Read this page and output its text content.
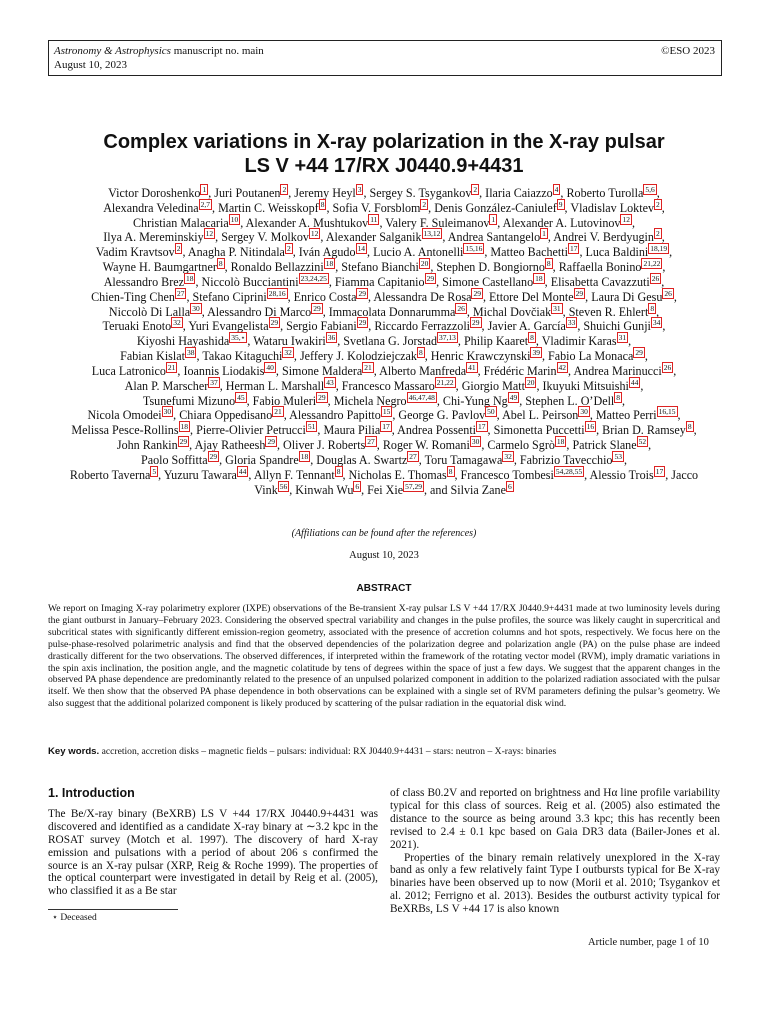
Astronomy & Astrophysics manuscript no. main
August 10, 2023
©ESO 2023
Complex variations in X-ray polarization in the X-ray pulsar
LS V +44 17/RX J0440.9+4431
Victor Doroshenko $^1$ , Juri Poutanen $^2$ , Jeremy Heyl $^3$ , Sergey S. Tsygankov $^2$ , Ilaria Caiazzo $^4$ , Roberto Turolla $^{5,6}$ ,
Alexandra Veledina $^{2,7}$ , Martin C. Weisskopf $^8$ , Sofia V. Forsblom $^2$ , Denis González-Caniulef $^9$ , Vladislav Loktev $^2$ ,
Christian Malacaria $^{10}$ , Alexander A. Mushtukov $^{11}$ , Valery F. Suleimanov $^1$ , Alexander A. Lutovinov $^{12}$ ,
Ilya A. Mereminskiy $^{12}$ , Sergey V. Molkov $^{12}$ , Alexander Salganik $^{13,12}$ , Andrea Santangelo $^1$ , Andrei V. Berdyugin $^2$ ,
Vadim Kravtsov $^2$ , Anagha P. Nitindala $^2$ , Iván Agudo $^{14}$ , Lucio A. Antonelli $^{15,16}$ , Matteo Bachetti $^{17}$ , Luca Baldini $^{18,19}$ ,
Wayne H. Baumgartner $^8$ , Ronaldo Bellazzini $^{18}$ , Stefano Bianchi $^{20}$ , Stephen D. Bongiorno $^8$ , Raffaella Bonino $^{21,22}$ ,
Alessandro Brez $^{18}$ , Niccolò Bucciantini $^{23,24,25}$ , Fiamma Capitanio $^{29}$ , Simone Castellano $^{18}$ , Elisabetta Cavazzuti $^{26}$ ,
Chien-Ting Chen $^{27}$ , Stefano Ciprini $^{28,16}$ , Enrico Costa $^{29}$ , Alessandra De Rosa $^{29}$ , Ettore Del Monte $^{29}$ , Laura Di Gesu $^{26}$ ,
Niccolò Di Lalla $^{30}$ , Alessandro Di Marco $^{29}$ , Immacolata Donnarumma $^{26}$ , Michal Dovčiak $^{31}$ , Steven R. Ehlert $^8$ ,
Teruaki Enoto $^{32}$ , Yuri Evangelista $^{29}$ , Sergio Fabiani $^{29}$ , Riccardo Ferrazzoli $^{29}$ , Javier A. García $^{33}$ , Shuichi Gunji $^{34}$ ,
Kiyoshi Hayashida $^{35,⋆}$ , Wataru Iwakiri $^{36}$ , Svetlana G. Jorstad $^{37,13}$ , Philip Kaaret $^8$ , Vladimir Karas $^{31}$ ,
Fabian Kislat $^{38}$ , Takao Kitaguchi $^{32}$ , Jeffery J. Kolodziejczak $^8$ , Henric Krawczynski $^{39}$ , Fabio La Monaca $^{29}$ ,
Luca Latronico $^{21}$ , Ioannis Liodakis $^{40}$ , Simone Maldera $^{21}$ , Alberto Manfreda $^{41}$ , Frédéric Marin $^{42}$ , Andrea Marinucci $^{26}$ ,
Alan P. Marscher $^{37}$ , Herman L. Marshall $^{43}$ , Francesco Massaro $^{21,22}$ , Giorgio Matt $^{20}$ , Ikuyuki Mitsuishi $^{44}$ ,
Tsunefumi Mizuno $^{45}$ , Fabio Muleri $^{29}$ , Michela Negro $^{46,47,48}$ , Chi-Yung Ng $^{49}$ , Stephen L. O’Dell $^8$ ,
Nicola Omodei $^{30}$ , Chiara Oppedisano $^{21}$ , Alessandro Papitto $^{15}$ , George G. Pavlov $^{50}$ , Abel L. Peirson $^{30}$ , Matteo Perri $^{16,15}$ ,
Melissa Pesce-Rollins $^{18}$ , Pierre-Olivier Petrucci $^{51}$ , Maura Pilia $^{17}$ , Andrea Possenti $^{17}$ , Simonetta Puccetti $^{16}$ , Brian D. Ramsey $^8$ ,
John Rankin $^{29}$ , Ajay Ratheesh $^{29}$ , Oliver J. Roberts $^{27}$ , Roger W. Romani $^{30}$ , Carmelo Sgrò $^{18}$ , Patrick Slane $^{52}$ ,
Paolo Soffitta $^{29}$ , Gloria Spandre $^{18}$ , Douglas A. Swartz $^{27}$ , Toru Tamagawa $^{32}$ , Fabrizio Tavecchio $^{53}$ ,
Roberto Taverna $^5$ , Yuzuru Tawara $^{44}$ , Allyn F. Tennant $^8$ , Nicholas E. Thomas $^8$ , Francesco Tombesi $^{54,28,55}$ , Alessio Trois $^{17}$ , Jacco Vink $^{56}$ , Kinwah Wu $^6$ , Fei Xie $^{57,29}$ , and Silvia Zane $^6$
(Affiliations can be found after the references)
August 10, 2023
ABSTRACT
We report on Imaging X-ray polarimetry explorer (IXPE) observations of the Be-transient X-ray pulsar LS V +44 17/RX J0440.9+4431 made at two luminosity levels during the giant outburst in January–February 2023. Considering the observed spectral variability and changes in the pulse profiles, the source was likely caught in supercritical and subcritical states with significantly different emission-region geometry, associated with the presence of accretion columns and hot spots, respectively. We focus here on the pulse-phase-resolved polarimetric analysis and find that the observed dependencies of the polarization degree and polarization angle (PA) on the pulse phase are indeed drastically different for the two observations. The observed differences, if interpreted within the framework of the rotating vector model (RVM), imply dramatic variations in the spin axis inclination, the position angle, and the magnetic colatitude by tens of degrees within the space of just a few days. We suggest that the apparent changes in the observed PA phase dependence are predominantly related to the presence of an unpulsed polarized component in addition to the polarized radiation associated with the pulsar itself. We then show that the observed PA phase dependence in both observations can be explained with a single set of RVM parameters defining the pulsar’s geometry. We also suggest that the additional polarized component is likely produced by scattering of the pulsar radiation in the equatorial disk wind.
Key words. accretion, accretion disks – magnetic fields – pulsars: individual: RX J0440.9+4431 – stars: neutron – X-rays: binaries
1. Introduction
The Be/X-ray binary (BeXRB) LS V +44 17/RX J0440.9+4431 was discovered and identified as a candidate X-ray binary at ∼3.2 kpc in the ROSAT survey (Motch et al. 1997). The discovery of hard X-ray emission and pulsations with a period of about 206 s confirmed the source is an X-ray pulsar (XRP, Reig & Roche 1999). The properties of the optical counterpart were investigated in detail by Reig et al. (2005), who classified it as a Be star
of class B0.2V and reported on brightness and Hα line profile variability typical for this class of sources. Reig et al. (2005) also estimated the distance to the source as being around 3.3 kpc; this has recently been revised to 2.4 ± 0.1 kpc based on Gaia DR3 data (Bailer-Jones et al. 2021).
Properties of the binary remain relatively unexplored in the X-ray band as only a few relatively faint Type I outbursts typical for Be X-ray binaries have been observed up to now (Morii et al. 2010; Tsygankov et al. 2012; Ferrigno et al. 2013). Besides the outburst activity typical for BeXRBs, LS V +44 17 is also known
⋆ Deceased
Article number, page 1 of 10
